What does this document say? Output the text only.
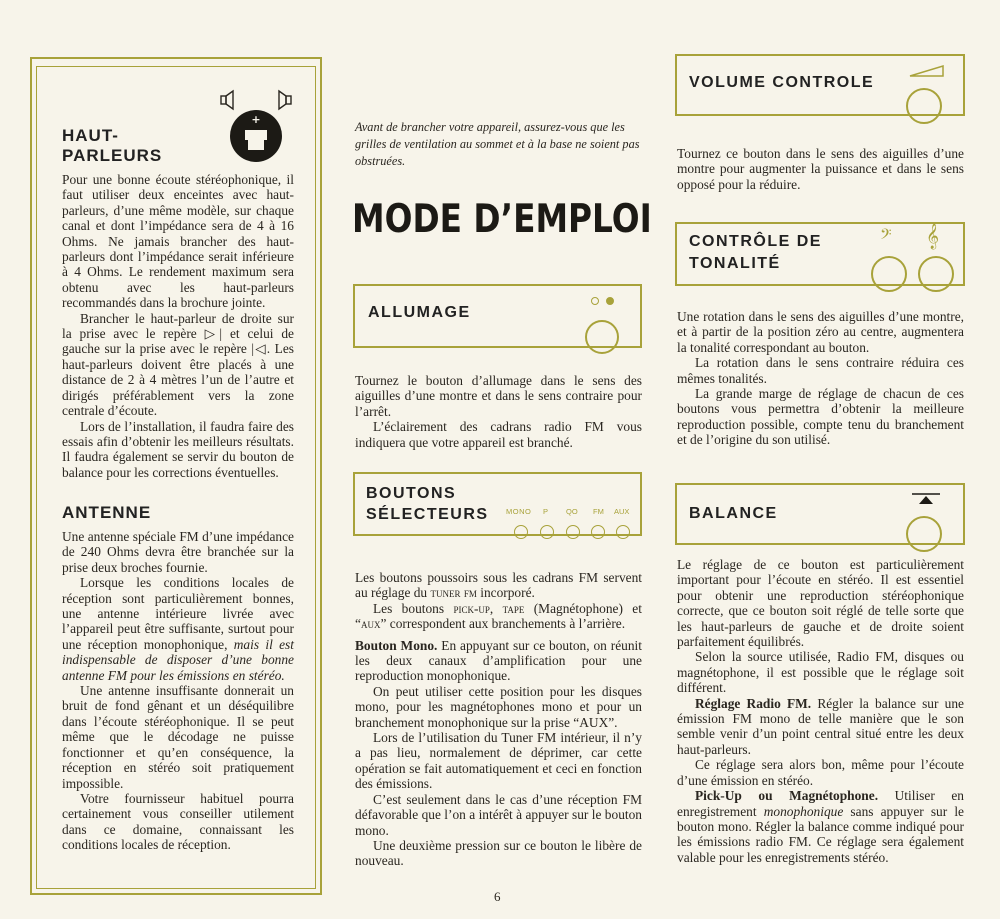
+
HAUT-
PARLEURS

Pour une bonne écoute stéréophonique, il faut utiliser deux enceintes avec haut-parleurs, d’une même modèle, sur chaque canal et dont l’impédance sera de 4 à 16 Ohms. Ne jamais brancher des haut-parleurs dont l’impédance serait inférieure à 4 Ohms. Le rendement maximum sera obtenu avec les haut-parleurs recommandés dans la brochure jointe.

Brancher le haut-parleur de droite sur la prise avec le repère ▷| et celui de gauche sur la prise avec le repère |◁. Les haut-parleurs doivent être placés à une distance de 2 à 4 mètres l’un de l’autre et dirigés préférablement vers la zone centrale d’écoute.

Lors de l’installation, il faudra faire des essais afin d’obtenir les meilleurs résultats. Il faudra également se servir du bouton de balance pour les corrections éventuelles.

ANTENNE

Une antenne spéciale FM d’une impédance de 240 Ohms devra être branchée sur la prise deux broches fournie.

Lorsque les conditions locales de réception sont particulièrement bonnes, une antenne intérieure livrée avec l’appareil peut être suffisante, surtout pour une réception monophonique, mais il est indispensable de disposer d’une bonne antenne FM pour les émissions en stéréo.

Une antenne insuffisante donnerait un bruit de fond gênant et un déséquilibre dans l’écoute stéréophonique. Il se peut même que le décodage ne puisse fonctionner et qu’en conséquence, la réception en stéréo soit pratiquement impossible.

Votre fournisseur habituel pourra certainement vous conseiller utilement dans ce domaine, connaissant les conditions locales de réception.

Avant de brancher votre appareil, assurez-vous que les grilles de ventilation au sommet et à la base ne soient pas obstruées.
MODE D’EMPLOI
ALLUMAGE

Tournez le bouton d’allumage dans le sens des aiguilles d’une montre et dans le sens contraire pour l’arrêt.

L’éclairement des cadrans radio FM vous indiquera que votre appareil est branché.

BOUTONS
SÉLECTEURS MONO P QO FM AUX

Les boutons poussoirs sous les cadrans FM servent au réglage du tuner fm incorporé.

Les boutons pick-up, tape (Magnétophone) et “aux” correspondent aux branchements à l’arrière.

Bouton Mono. En appuyant sur ce bouton, on réunit les deux canaux d’amplification pour une reproduction monophonique.

On peut utiliser cette position pour les disques mono, pour les magnétophones mono et pour un branchement monophonique sur la prise “AUX”.

Lors de l’utilisation du Tuner FM intérieur, il n’y a pas lieu, normalement de déprimer, car cette opération se fait automatiquement et ceci en fonction des émissions.

C’est seulement dans le cas d’une réception FM défavorable que l’on a intérêt à appuyer sur le bouton mono.

Une deuxième pression sur ce bouton le libère de nouveau.

6
VOLUME CONTROLE

Tournez ce bouton dans le sens des aiguilles d’une montre pour augmenter la puissance et dans le sens opposé pour la réduire.

CONTRÔLE DE
TONALITÉ
𝄢 𝄞

Une rotation dans le sens des aiguilles d’une montre, et à partir de la position zéro au centre, augmentera la tonalité correspondant au bouton.

La rotation dans le sens contraire réduira ces mêmes tonalités.

La grande marge de réglage de chacun de ces boutons vous permettra d’obtenir la meilleure reproduction possible, compte tenu du branchement et de l’origine du son utilisé.

BALANCE

Le réglage de ce bouton est particulièrement important pour l’écoute en stéréo. Il est essentiel pour obtenir une reproduction stéréophonique correcte, que ce bouton soit réglé de telle sorte que les haut-parleurs de gauche et de droite soient parfaitement équilibrés.

Selon la source utilisée, Radio FM, disques ou magnétophone, il est possible que le réglage soit différent.

Réglage Radio FM. Régler la balance sur une émission FM mono de telle manière que le son semble venir d’un point central situé entre les deux haut-parleurs.

Ce réglage sera alors bon, même pour l’écoute d’une émission en stéréo.

Pick-Up ou Magnétophone. Utiliser en enregistrement monophonique sans appuyer sur le bouton mono. Régler la balance comme indiqué pour les émissions radio FM. Ce réglage sera également valable pour les enregistrements stéréo.
